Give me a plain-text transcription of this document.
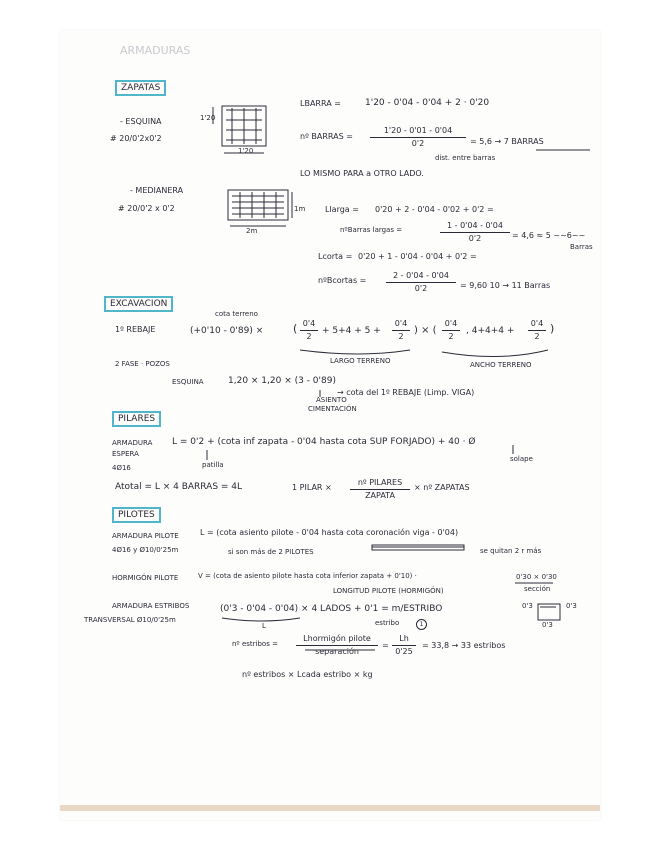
ARMADURAS
ZAPATAS
- ESQUINA
# 20/0'2x0'2
1'20
1'20
LBARRA =	1'20 - 0'04 - 0'04 + 2 · 0'20
nº BARRAS = $\frac{1'20 - 0'01 - 0'04}{0'2} = 5,6 \to 7$ BARRAS
dist. entre barras
LO MISMO PARA a OTRO LADO.
- MEDIANERA
# 20/0'2 x 0'2	1m
2m
Llarga = 0'20 + 2 - 0'04 - 0'02 + 0'2 =
nºBarras largas =	$\frac{1 - 0'04 - 0'04}{0'2} = 4,6 \approx 5$ ~~6~~
Barras
Lcorta = 0'20 + 1 - 0'04 - 0'04 + 0'2 =
nºBcortas = $\frac{2 - 0'04 - 0'04}{0'2} = 9,60$ 10 → 11 Barras
EXCAVACION
cota terreno
1º REBAJE	(+0'10 - 0'89) ×	( $\frac{0'4}{2} + 5+4 + 5 + \frac{0'4}{2}$ ) × ( $\frac{0'4}{2}$ , $4+4+4 + \frac{0'4}{2}$ )
LARGO TERRENO	ANCHO TERRENO
2 FASE · POZOS
ESQUINA	1,20 × 1,20 × (3 - 0'89)
→ cota del 1º REBAJE (Limp. VIGA)
ASIENTO
CIMENTACIÓN
PILARES
ARMADURA
ESPERA
4Ø16
L = 0'2 + (cota inf zapata - 0'04 hasta cota SUP FORJADO) + 40 · Ø
patilla
solape
Atotal = L × 4 BARRAS = 4L	1 PILAR ×
nº PILARES
ZAPATA
× nº ZAPATAS
PILOTES
ARMADURA PILOTE	L = (cota asiento pilote - 0'04 hasta cota coronación viga - 0'04)
4Ø16 y Ø10/0'25m	si son más de 2 PILOTES	se quitan 2 r más
HORMIGÓN PILOTE	V = (cota de asiento pilote hasta cota inferior zapata + 0'10) ·	0'30 × 0'30
sección
LONGITUD PILOTE (HORMIGÓN)
ARMADURA ESTRIBOS
TRANSVERSAL Ø10/0'25m
(0'3 - 0'04 - 0'04) × 4 LADOS + 0'1 = m/ESTRIBO
L	estribo	1
0'3	0'3
0'3
nº estribos =
Lhormigón pilote
separación
= $\frac{Lh}{0'25} = 33,8 \to 33$ estribos
nº estribos × Lcada estribo × kg
